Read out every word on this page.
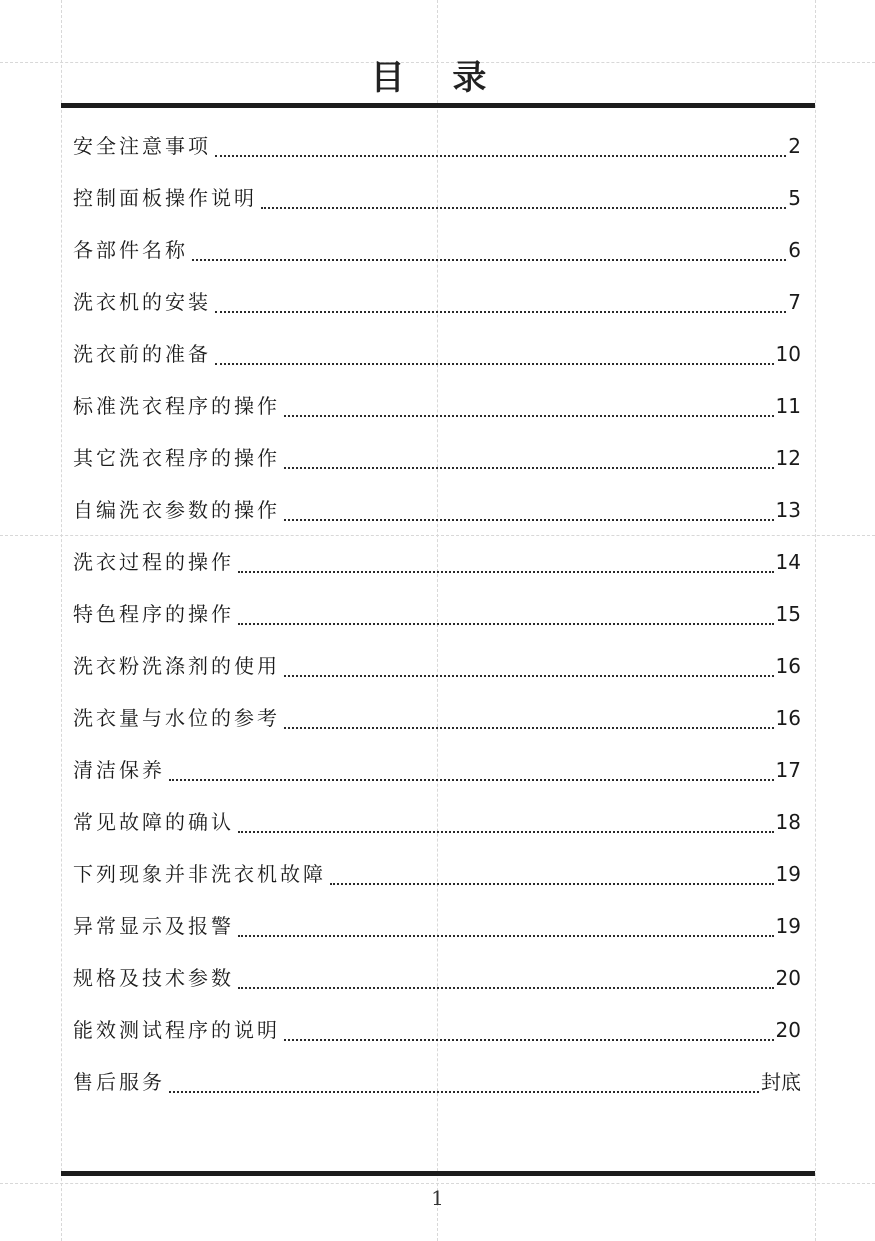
目 录
安全注意事项	2
控制面板操作说明	5
各部件名称	6
洗衣机的安装	7
洗衣前的准备	10
标准洗衣程序的操作	11
其它洗衣程序的操作	12
自编洗衣参数的操作	13
洗衣过程的操作	14
特色程序的操作	15
洗衣粉洗涤剂的使用	16
洗衣量与水位的参考	16
清洁保养	17
常见故障的确认	18
下列现象并非洗衣机故障	19
异常显示及报警	19
规格及技术参数	20
能效测试程序的说明	20
售后服务	封底
1
